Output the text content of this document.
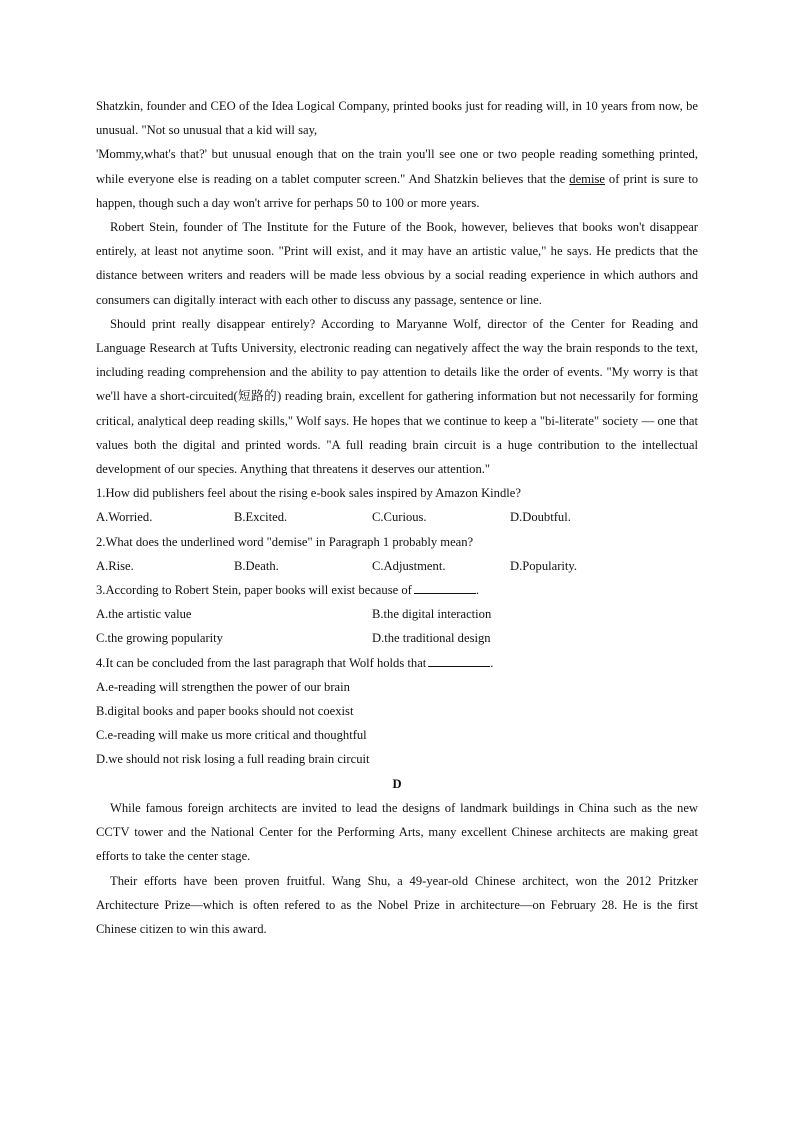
Shatzkin, founder and CEO of the Idea Logical Company, printed books just for reading will, in 10 years from now, be unusual. "Not so unusual that a kid will say,
'Mommy,what's that?' but unusual enough that on the train you'll see one or two people reading something printed, while everyone else is reading on a tablet computer screen." And Shatzkin believes that the demise of print is sure to happen, though such a day won't arrive for perhaps 50 to 100 or more years.

Robert Stein, founder of The Institute for the Future of the Book, however, believes that books won't disappear entirely, at least not anytime soon. "Print will exist, and it may have an artistic value," he says. He predicts that the distance between writers and readers will be made less obvious by a social reading experience in which authors and consumers can digitally interact with each other to discuss any passage, sentence or line.

Should print really disappear entirely? According to Maryanne Wolf, director of the Center for Reading and Language Research at Tufts University, electronic reading can negatively affect the way the brain responds to the text, including reading comprehension and the ability to pay attention to details like the order of events. "My worry is that we'll have a short-circuited(短路的) reading brain, excellent for gathering information but not necessarily for forming critical, analytical deep reading skills," Wolf says. He hopes that we continue to keep a "bi-literate" society — one that values both the digital and printed words. "A full reading brain circuit is a huge contribution to the intellectual development of our species. Anything that threatens it deserves our attention."

1.How did publishers feel about the rising e-book sales inspired by Amazon Kindle?

A.Worried.	B.Excited.	C.Curious.	D.Doubtful.

2.What does the underlined word "demise" in Paragraph 1 probably mean?

A.Rise.	B.Death.	C.Adjustment.	D.Popularity.

3.According to Robert Stein, paper books will exist because of	.

A.the artistic value	B.the digital interaction
C.the growing popularity	D.the traditional design

4.It can be concluded from the last paragraph that Wolf holds that	.

A.e-reading will strengthen the power of our brain

B.digital books and paper books should not coexist

C.e-reading will make us more critical and thoughtful

D.we should not risk losing a full reading brain circuit

D

While famous foreign architects are invited to lead the designs of landmark buildings in China such as the new CCTV tower and the National Center for the Performing Arts, many excellent Chinese architects are making great efforts to take the center stage.

Their efforts have been proven fruitful. Wang Shu, a 49-year-old Chinese architect, won the 2012 Pritzker Architecture Prize—which is often refered to as the Nobel Prize in architecture—on February 28. He is the first Chinese citizen to win this award.
